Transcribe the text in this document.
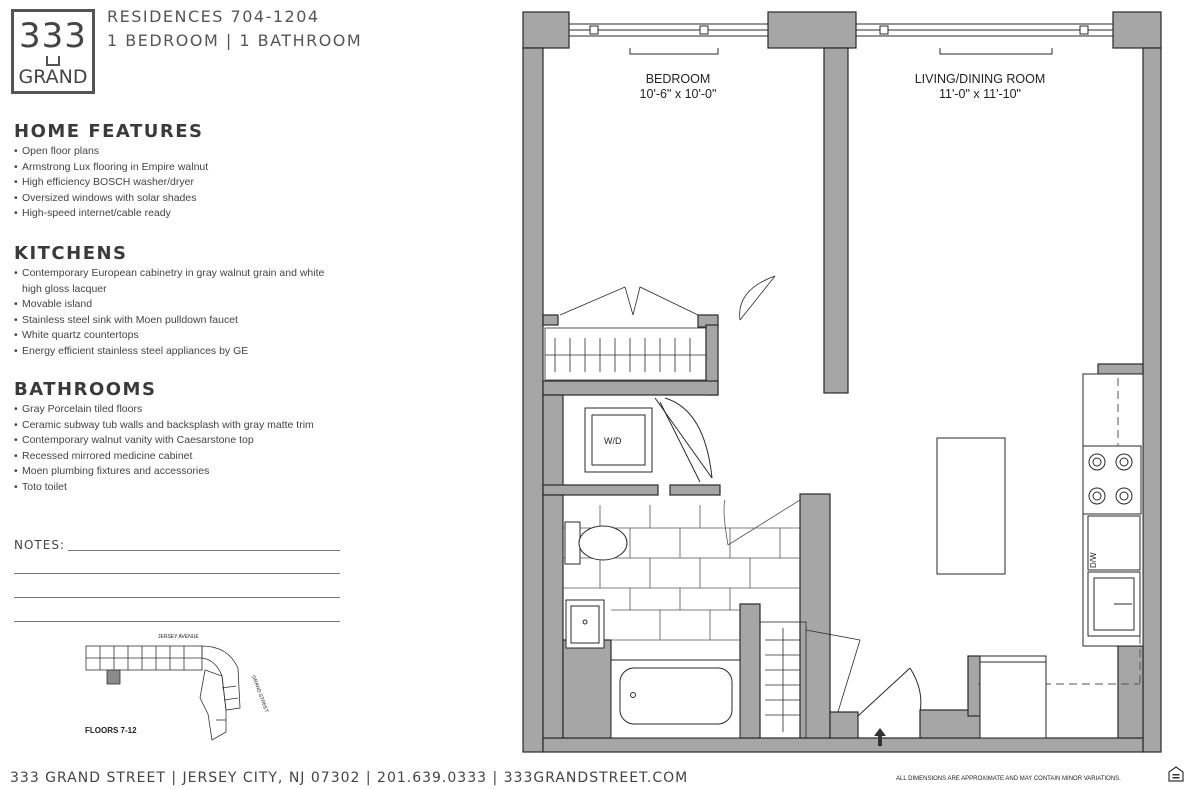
333
GRAND
RESIDENCES 704-1204
1 BEDROOM | 1 BATHROOM
HOME FEATURES
• Open floor plans
• Armstrong Lux flooring in Empire walnut
• High efficiency BOSCH washer/dryer
• Oversized windows with solar shades
• High-speed internet/cable ready
KITCHENS
• Contemporary European cabinetry in gray walnut grain and white high gloss lacquer
• Movable island
• Stainless steel sink with Moen pulldown faucet
• White quartz countertops
• Energy efficient stainless steel appliances by GE
BATHROOMS
• Gray Porcelain tiled floors
• Ceramic subway tub walls and backsplash with gray matte trim
• Contemporary walnut vanity with Caesarstone top
• Recessed mirrored medicine cabinet
• Moen plumbing fixtures and accessories
• Toto toilet
NOTES:
JERSEY AVENUE
GRAND STREET
FLOORS 7-12
W/D
D/W
BEDROOM
10'-6" x 10'-0"
LIVING/DINING ROOM
11'-0" x 11'-10"
333 GRAND STREET | JERSEY CITY, NJ 07302 | 201.639.0333 | 333GRANDSTREET.COM	ALL DIMENSIONS ARE APPROXIMATE AND MAY CONTAIN MINOR VARIATIONS.
